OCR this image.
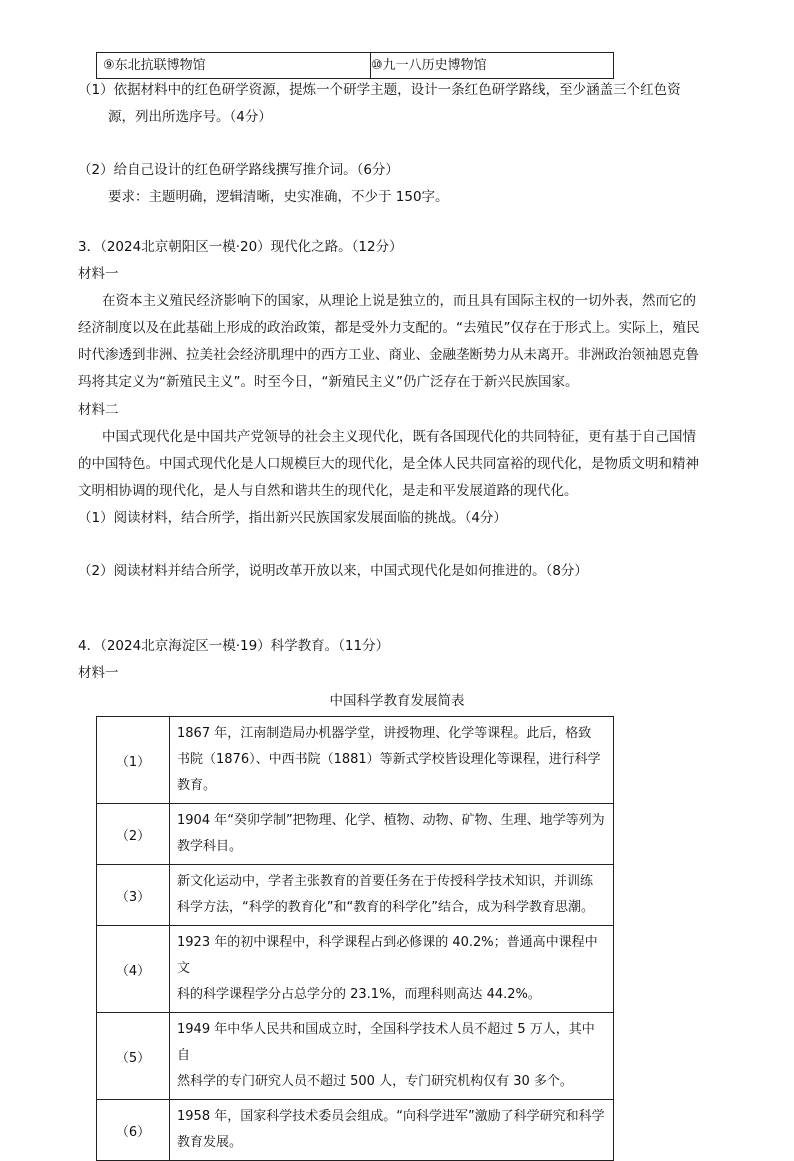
⑨东北抗联博物馆	⑩九一八历史博物馆
（1）依据材料中的红色研学资源，提炼一个研学主题，设计一条红色研学路线，至少涵盖三个红色资
源，列出所选序号。（4分）
（2）给自己设计的红色研学路线撰写推介词。（6分）
要求：主题明确，逻辑清晰，史实准确，不少于 150字。
3．（2024北京朝阳区一模·20）现代化之路。（12分）
材料一
在资本主义殖民经济影响下的国家，从理论上说是独立的，而且具有国际主权的一切外表，然而它的
经济制度以及在此基础上形成的政治政策，都是受外力支配的。“去殖民”仅存在于形式上。实际上，殖民
时代渗透到非洲、拉美社会经济肌理中的西方工业、商业、金融垄断势力从未离开。非洲政治领袖恩克鲁
玛将其定义为“新殖民主义”。时至今日，“新殖民主义”仍广泛存在于新兴民族国家。
材料二
中国式现代化是中国共产党领导的社会主义现代化，既有各国现代化的共同特征，更有基于自己国情
的中国特色。中国式现代化是人口规模巨大的现代化，是全体人民共同富裕的现代化，是物质文明和精神
文明相协调的现代化，是人与自然和谐共生的现代化，是走和平发展道路的现代化。
（1）阅读材料，结合所学，指出新兴民族国家发展面临的挑战。（4分）
（2）阅读材料并结合所学，说明改革开放以来，中国式现代化是如何推进的。（8分）
4．（2024北京海淀区一模·19）科学教育。（11分）
材料一
中国科学教育发展简表
（1）
1867 年，江南制造局办机器学堂，讲授物理、化学等课程。此后，格致
书院（1876）、中西书院（1881）等新式学校皆设理化等课程，进行科学
教育。
（2）
1904 年“癸卯学制”把物理、化学、植物、动物、矿物、生理、地学等列为
教学科目。
（3）
新文化运动中，学者主张教育的首要任务在于传授科学技术知识，并训练
科学方法，“科学的教育化”和“教育的科学化”结合，成为科学教育思潮。
（4）
1923 年的初中课程中，科学课程占到必修课的 40.2%；普通高中课程中文
科的科学课程学分占总学分的 23.1%，而理科则高达 44.2%。
（5）
1949 年中华人民共和国成立时，全国科学技术人员不超过 5 万人，其中自
然科学的专门研究人员不超过 500 人，专门研究机构仅有 30 多个。
（6）
1958 年，国家科学技术委员会组成。“向科学进军”激励了科学研究和科学
教育发展。
